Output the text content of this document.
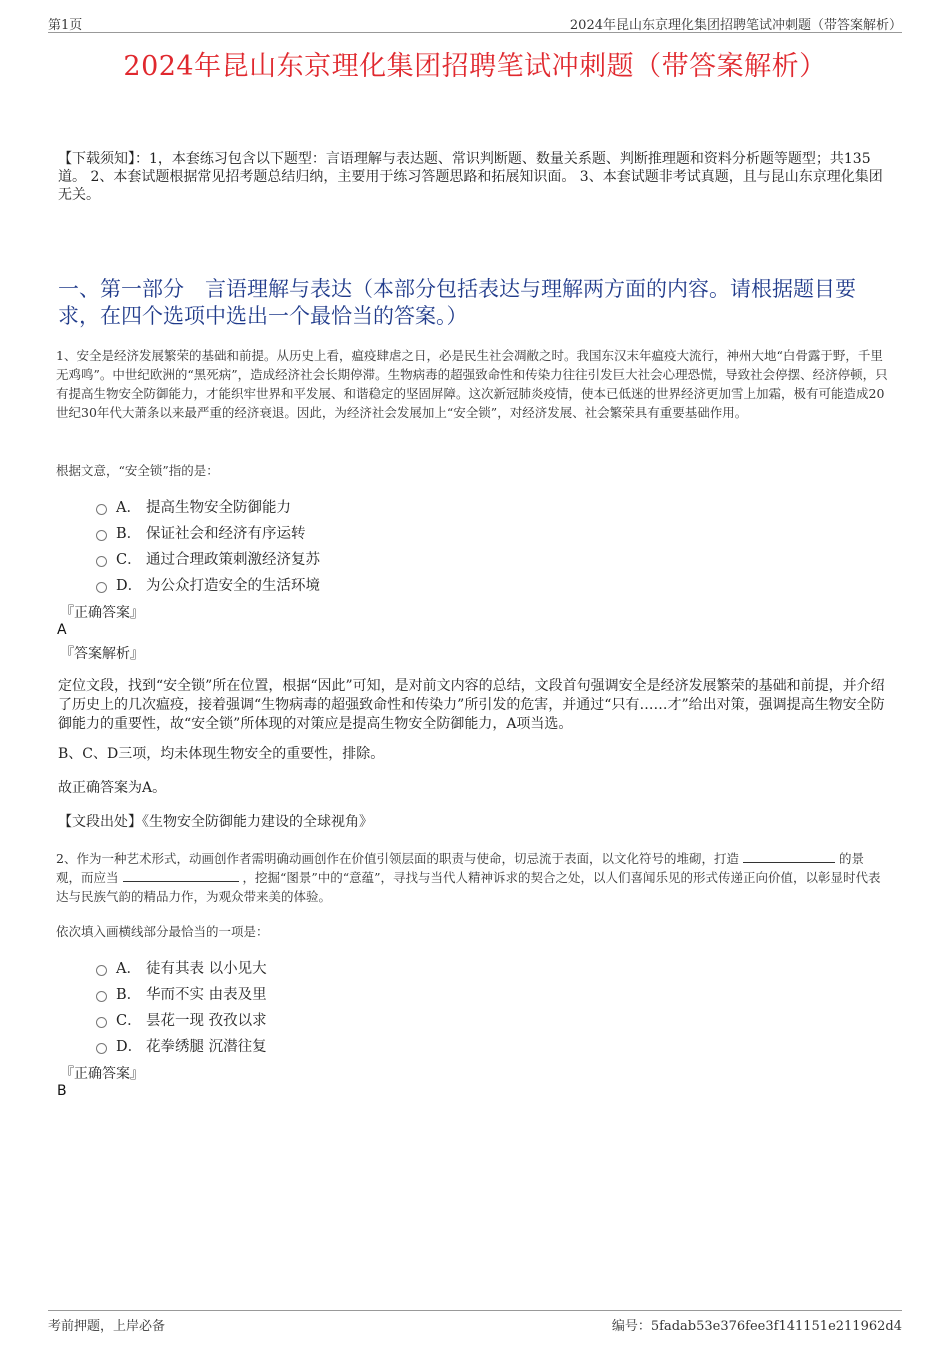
第1页	2024年昆山东京理化集团招聘笔试冲刺题（带答案解析）
2024年昆山东京理化集团招聘笔试冲刺题（带答案解析）
【下载须知】：1，本套练习包含以下题型：言语理解与表达题、常识判断题、数量关系题、判断推理题和资料分析题等题型；共135道。 2、本套试题根据常见招考题总结归纳，主要用于练习答题思路和拓展知识面。 3、本套试题非考试真题，且与昆山东京理化集团无关。
一、第一部分　言语理解与表达（本部分包括表达与理解两方面的内容。请根据题目要求，在四个选项中选出一个最恰当的答案。）
1、安全是经济发展繁荣的基础和前提。从历史上看，瘟疫肆虐之日，必是民生社会凋敝之时。我国东汉末年瘟疫大流行，神州大地“白骨露于野，千里无鸡鸣”。中世纪欧洲的“黑死病”，造成经济社会长期停滞。生物病毒的超强致命性和传染力往往引发巨大社会心理恐慌，导致社会停摆、经济停顿，只有提高生物安全防御能力，才能织牢世界和平发展、和谐稳定的坚固屏障。这次新冠肺炎疫情，使本已低迷的世界经济更加雪上加霜，极有可能造成20世纪30年代大萧条以来最严重的经济衰退。因此，为经济社会发展加上“安全锁”，对经济发展、社会繁荣具有重要基础作用。
根据文意，“安全锁”指的是：
A． 提高生物安全防御能力
B． 保证社会和经济有序运转
C． 通过合理政策刺激经济复苏
D． 为公众打造安全的生活环境
『正确答案』
A
『答案解析』
定位文段，找到“安全锁”所在位置，根据“因此”可知，是对前文内容的总结，文段首句强调安全是经济发展繁荣的基础和前提，并介绍了历史上的几次瘟疫，接着强调“生物病毒的超强致命性和传染力”所引发的危害，并通过“只有……才”给出对策，强调提高生物安全防御能力的重要性，故“安全锁”所体现的对策应是提高生物安全防御能力，A项当选。
B、C、D三项，均未体现生物安全的重要性，排除。
故正确答案为A。
【文段出处】《生物安全防御能力建设的全球视角》
2、作为一种艺术形式，动画创作者需明确动画创作在价值引领层面的职责与使命，切忌流于表面，以文化符号的堆砌，打造	的景观，而应当	，挖掘“图景”中的“意蕴”，寻找与当代人精神诉求的契合之处，以人们喜闻乐见的形式传递正向价值，以彰显时代表达与民族气韵的精品力作，为观众带来美的体验。
依次填入画横线部分最恰当的一项是：
A． 徒有其表 以小见大
B． 华而不实 由表及里
C． 昙花一现 孜孜以求
D． 花拳绣腿 沉潜往复
『正确答案』
B
考前押题，上岸必备	编号：5fadab53e376fee3f141151e211962d4
